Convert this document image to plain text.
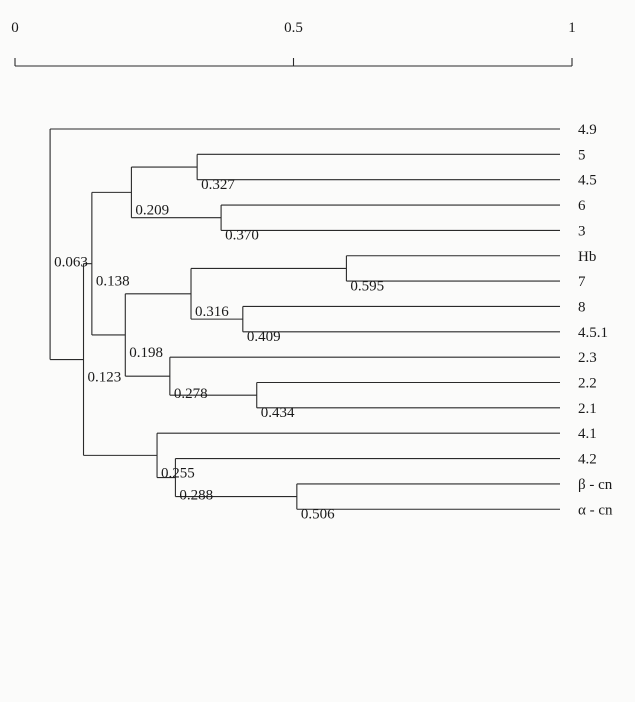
0	0.5	1
0.063
0.123
0.138
0.209
0.327
0.370
0.198
0.316
0.595
0.409
0.278
0.434
0.255
0.288
0.506
4.9
5
4.5
6
3
Hb
7
8
4.5.1
2.3
2.2
2.1
4.1
4.2
β - cn
α - cn
